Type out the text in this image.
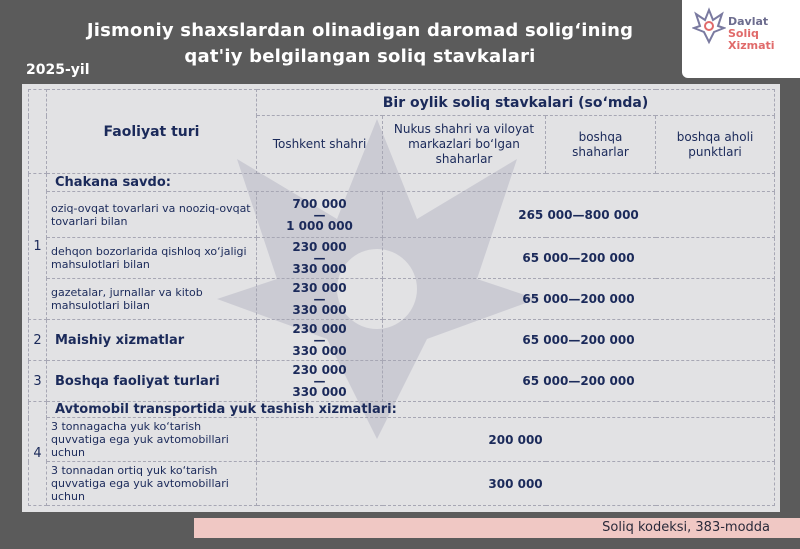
Jismoniy shaxslardan olinadigan daromad solig‘ining
qat'iy belgilangan soliq stavkalari
2025-yil
Davlat
Soliq
Xizmati
	Faoliyat turi	Bir oylik soliq stavkalari (so‘mda)			
		Toshkent shahri	Nukus shahri va viloyat markazlari bo‘lgan shaharlar	boshqa shaharlar	boshqa aholi punktlari
1	Chakana savdo:				
	oziq-ovqat tovarlari va nooziq-ovqat tovarlari bilan	700 000
—
1 000 000	265 000—800 000		
	dehqon bozorlarida qishloq xo‘jaligi mahsulotlari bilan	230 000
—
330 000	65 000—200 000		
	gazetalar, jurnallar va kitob mahsulotlari bilan	230 000
—
330 000	65 000—200 000		
2	Maishiy xizmatlar	230 000
—
330 000	65 000—200 000		
3	Boshqa faoliyat turlari	230 000
—
330 000	65 000—200 000		
4	Avtomobil transportida yuk tashish xizmatlari:				
	3 tonnagacha yuk ko‘tarish quvvatiga ega yuk avtomobillari uchun	200 000			
	3 tonnadan ortiq yuk ko‘tarish quvvatiga ega yuk avtomobillari uchun	300 000			
Soliq kodeksi, 383-modda
